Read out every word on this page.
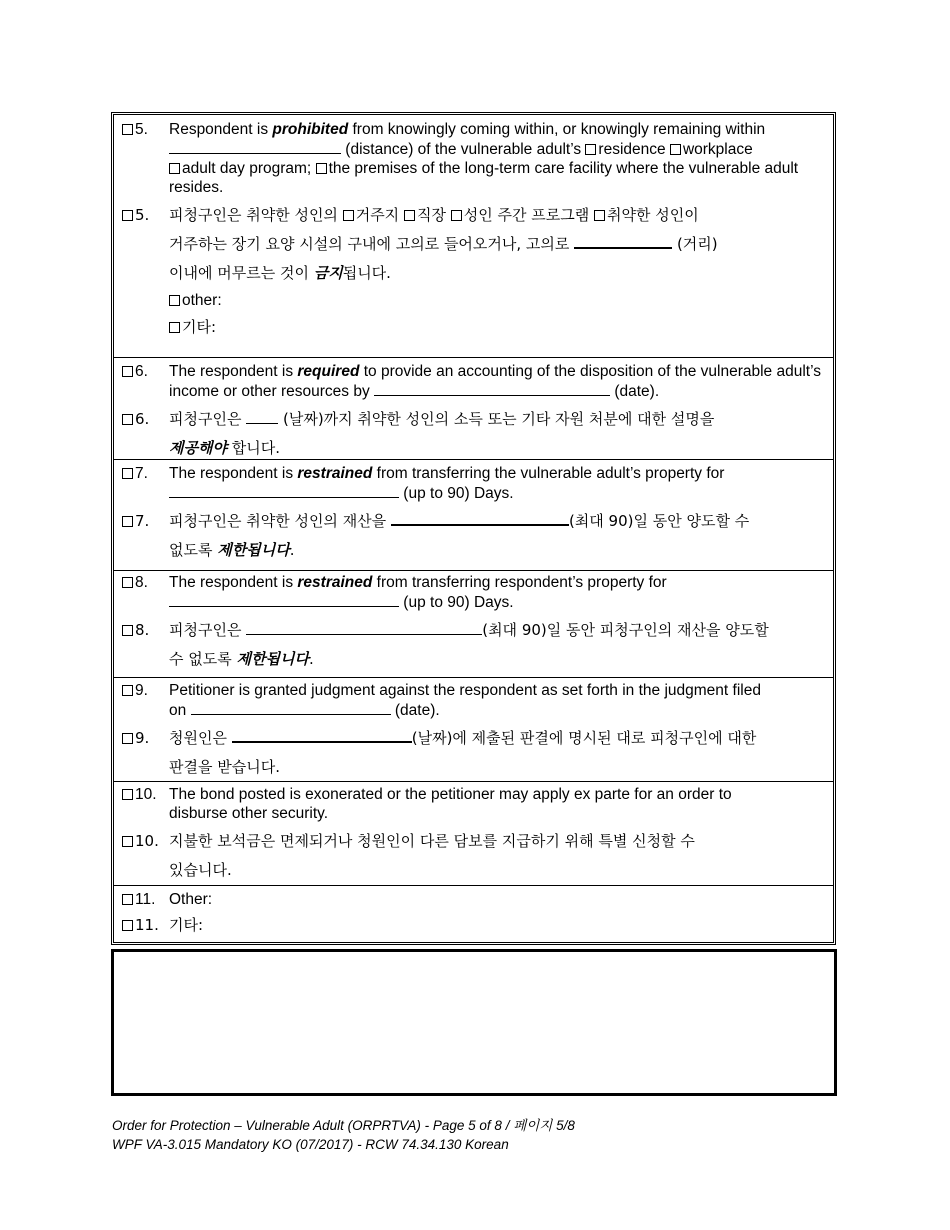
5. Respondent is prohibited from knowingly coming within, or knowingly remaining within
(distance) of the vulnerable adult’s residence workplace
adult day program; the premises of the long-term care facility where the vulnerable adult resides.
5. 피청구인은 취약한 성인의 거주지 직장 성인 주간 프로그램 취약한 성인이
거주하는 장기 요양 시설의 구내에 고의로 들어오거나, 고의로	(거리)
이내에 머무르는 것이 금지됩니다.
other:
기타:
6. The respondent is required to provide an accounting of the disposition of the vulnerable adult’s income or other resources by	(date).
6. 피청구인은  (날짜)까지 취약한 성인의 소득 또는 기타 자원 처분에 대한 설명을
제공해야 합니다.
7. The respondent is restrained from transferring the vulnerable adult’s property for
(up to 90) Days.
7. 피청구인은 취약한 성인의 재산을	(최대 90)일 동안 양도할 수
없도록 제한됩니다.
8. The respondent is restrained from transferring respondent’s property for
(up to 90) Days.
8. 피청구인은	(최대 90)일 동안 피청구인의 재산을 양도할
수 없도록 제한됩니다.
9. Petitioner is granted judgment against the respondent as set forth in the judgment filed
on	(date).
9. 청원인은	(날짜)에 제출된 판결에 명시된 대로 피청구인에 대한
판결을 받습니다.
10. The bond posted is exonerated or the petitioner may apply ex parte for an order to disburse other security.
10. 지불한 보석금은 면제되거나 청원인이 다른 담보를 지급하기 위해 특별 신청할 수
있습니다.
11. Other:
11. 기타:
Order for Protection – Vulnerable Adult (ORPRTVA) - Page 5 of 8 / 페이지 5/8
WPF VA-3.015 Mandatory KO (07/2017) - RCW 74.34.130 Korean
